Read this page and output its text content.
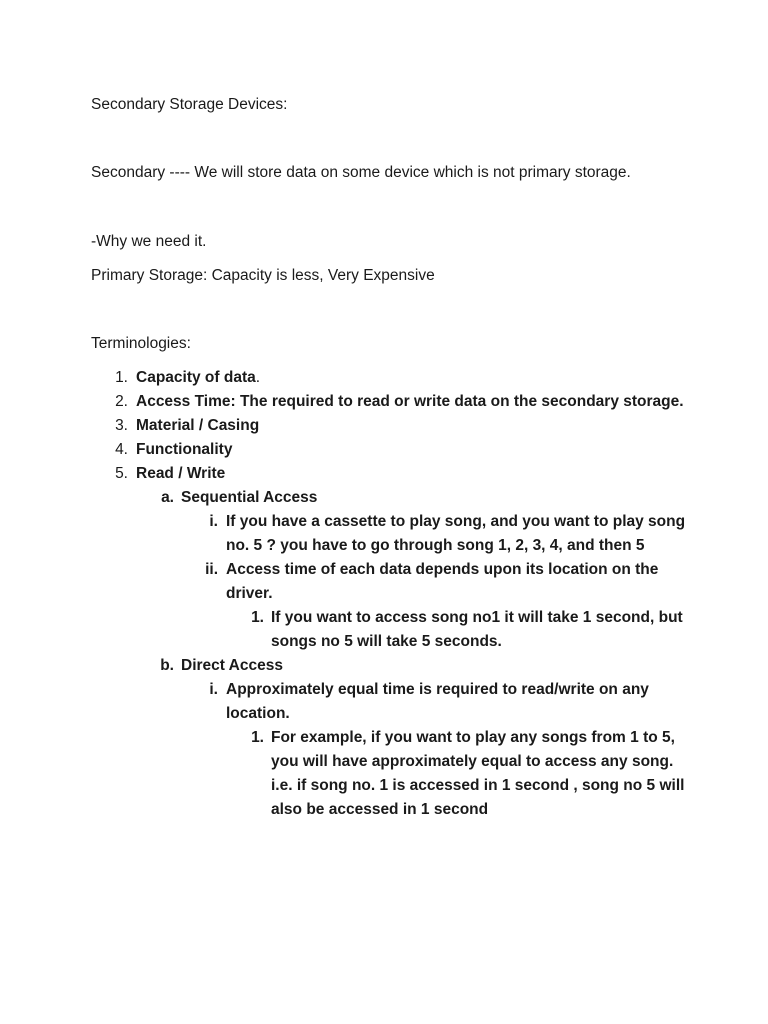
Secondary Storage Devices:
Secondary ---- We will store data on some device which is not primary storage.
-Why we need it.
Primary Storage: Capacity is less, Very Expensive
Terminologies:
1. Capacity of data.
2. Access Time: The required to read or write data on the secondary storage.
3. Material / Casing
4. Functionality
5. Read / Write
a. Sequential Access
i. If you have a cassette to play song, and you want to play song
no. 5 ? you have to go through song 1, 2, 3, 4, and then 5
ii. Access time of each data depends upon its location on the
driver.
1. If you want to access song no1 it will take 1 second, but
songs no 5 will take 5 seconds.
b. Direct Access
i. Approximately equal time is required to read/write on any
location.
1. For example, if you want to play any songs from 1 to 5,
you will have approximately equal to access any song.
i.e. if song no. 1 is accessed in 1 second , song no 5 will
also be accessed in 1 second
